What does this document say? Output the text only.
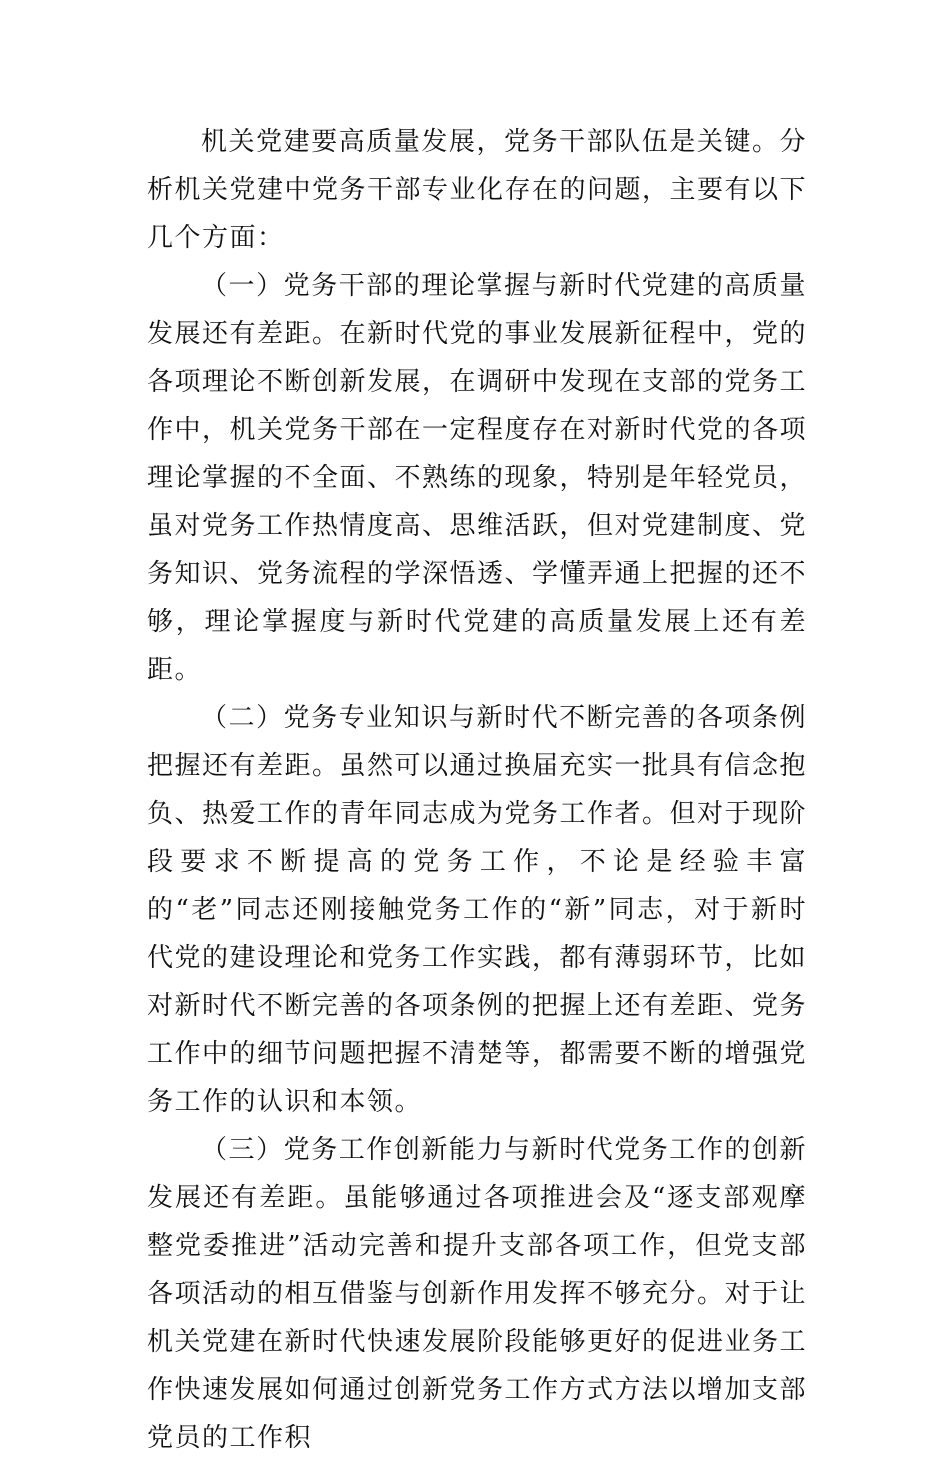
机关党建要高质量发展，党务干部队伍是关键。分析机关党建中党务干部专业化存在的问题，主要有以下几个方面：

（一）党务干部的理论掌握与新时代党建的高质量发展还有差距。在新时代党的事业发展新征程中，党的各项理论不断创新发展，在调研中发现在支部的党务工作中，机关党务干部在一定程度存在对新时代党的各项理论掌握的不全面、不熟练的现象，特别是年轻党员，虽对党务工作热情度高、思维活跃，但对党建制度、党务知识、党务流程的学深悟透、学懂弄通上把握的还不够，理论掌握度与新时代党建的高质量发展上还有差距。

（二）党务专业知识与新时代不断完善的各项条例把握还有差距。虽然可以通过换届充实一批具有信念抱负、热爱工作的青年同志成为党务工作者。但对于现阶段要求不断提高的党务工作，不论是经验丰富的“老”同志还刚接触党务工作的“新”同志，对于新时代党的建设理论和党务工作实践，都有薄弱环节，比如对新时代不断完善的各项条例的把握上还有差距、党务工作中的细节问题把握不清楚等，都需要不断的增强党务工作的认识和本领。

（三）党务工作创新能力与新时代党务工作的创新发展还有差距。虽能够通过各项推进会及“逐支部观摩整党委推进”活动完善和提升支部各项工作，但党支部各项活动的相互借鉴与创新作用发挥不够充分。对于让机关党建在新时代快速发展阶段能够更好的促进业务工作快速发展如何通过创新党务工作方式方法以增加支部党员的工作积
